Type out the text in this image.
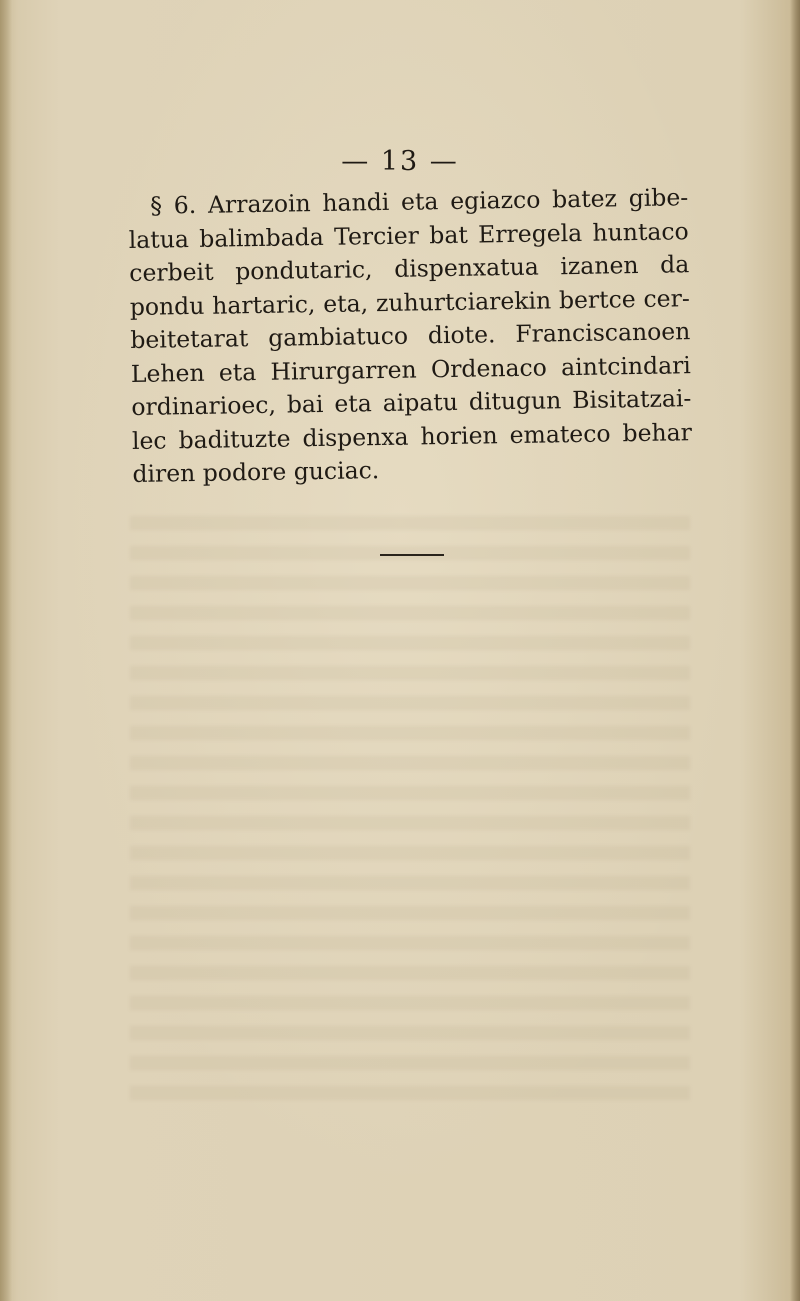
— 13 —

§ 6. Arrazoin handi eta egiazco batez gibe-
latua balimbada Tercier bat Erregela huntaco
cerbeit pondutaric, dispenxatua izanen da
pondu hartaric, eta, zuhurtciarekin bertce cer-
beitetarat gambiatuco diote. Franciscanoen
Lehen eta Hirurgarren Ordenaco aintcindari
ordinarioec, bai eta aipatu ditugun Bisitatzai-
lec badituzte dispenxa horien emateco behar
diren podore guciac.
